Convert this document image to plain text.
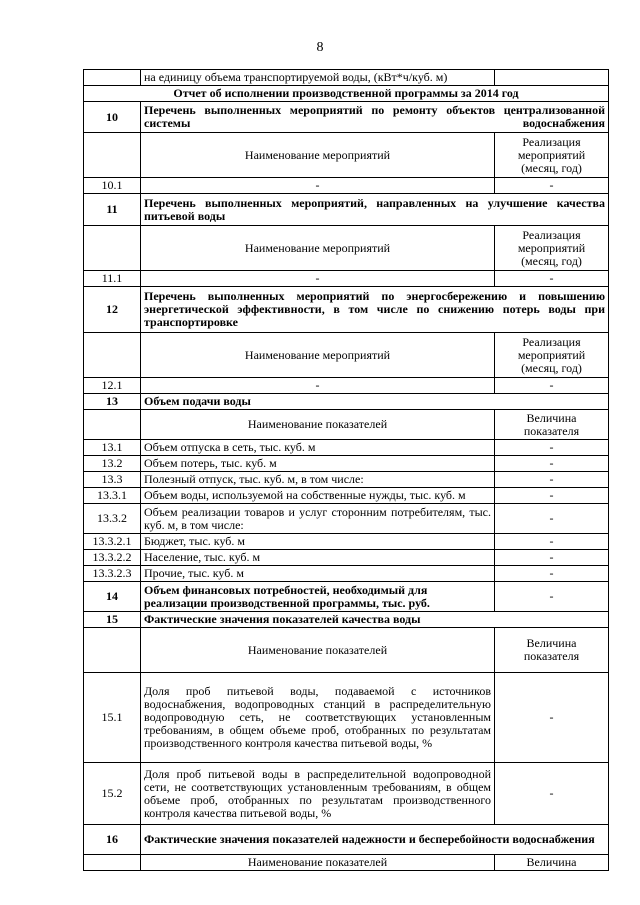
8
	на единицу объема транспортируемой воды, (кВт*ч/куб. м)	
Отчет об исполнении производственной программы за 2014 год		
10	Перечень выполненных мероприятий по ремонту объектов централизованной системы водоснабжения	
	Наименование мероприятий	Реализация мероприятий (месяц, год)
10.1	-	-
11	Перечень выполненных мероприятий, направленных на улучшение качества питьевой воды	
	Наименование мероприятий	Реализация мероприятий (месяц, год)
11.1	-	-
12	Перечень выполненных мероприятий по энергосбережению и повышению энергетической эффективности, в том числе по снижению потерь воды при транспортировке	
	Наименование мероприятий	Реализация мероприятий (месяц, год)
12.1	-	-
13	Объем подачи воды	
	Наименование показателей	Величина показателя
13.1	Объем отпуска в сеть, тыс. куб. м	-
13.2	Объем потерь, тыс. куб. м	-
13.3	Полезный отпуск, тыс. куб. м, в том числе:	-
13.3.1	Объем воды, используемой на собственные нужды, тыс. куб. м	-
13.3.2	Объем реализации товаров и услуг сторонним потребителям, тыс. куб. м, в том числе:	-
13.3.2.1	Бюджет, тыс. куб. м	-
13.3.2.2	Население, тыс. куб. м	-
13.3.2.3	Прочие, тыс. куб. м	-
14	Объем финансовых потребностей, необходимый для реализации производственной программы, тыс. руб.	-
15	Фактические значения показателей качества воды	
	Наименование показателей	Величина показателя
15.1	Доля проб питьевой воды, подаваемой с источников водоснабжения, водопроводных станций в распределительную водопроводную сеть, не соответствующих установленным требованиям, в общем объеме проб, отобранных по результатам производственного контроля качества питьевой воды, %	-
15.2	Доля проб питьевой воды в распределительной водопроводной сети, не соответствующих установленным требованиям, в общем объеме проб, отобранных по результатам производственного контроля качества питьевой воды, %	-
16	Фактические значения показателей надежности и бесперебойности водоснабжения	
	Наименование показателей	Величина
